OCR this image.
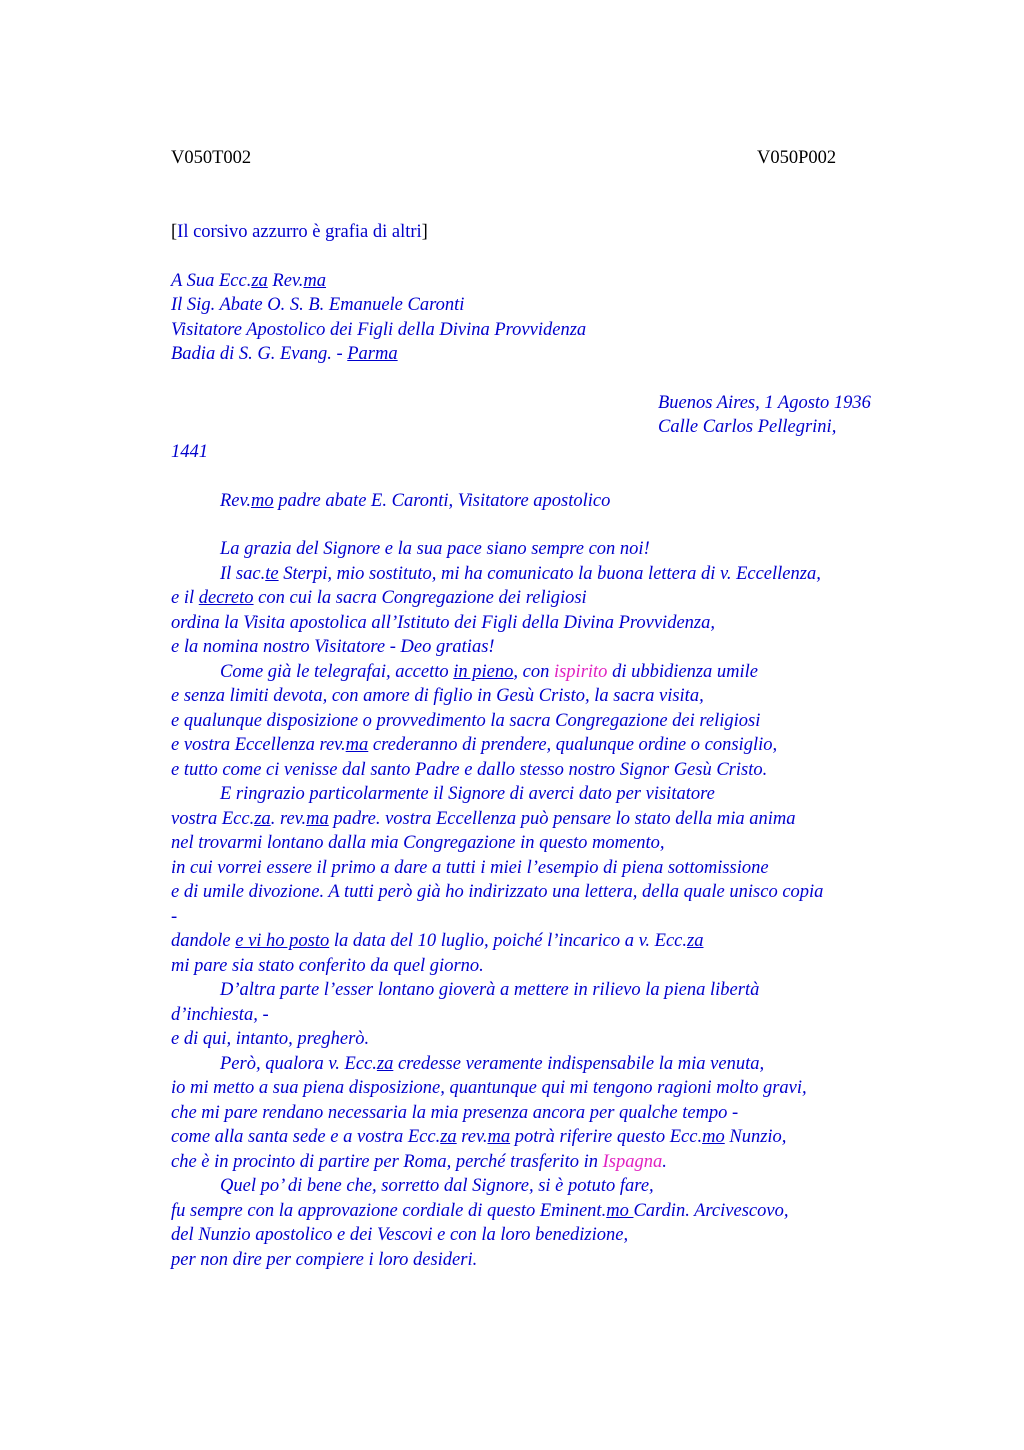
V050T002	V050P002
[Il corsivo azzurro è grafia di altri]
A Sua Ecc.za Rev.ma
Il Sig. Abate O. S. B. Emanuele Caronti
Visitatore Apostolico dei Figli della Divina Provvidenza
Badia di S. G. Evang. - Parma
Buenos Aires, 1 Agosto 1936
Calle Carlos Pellegrini,
1441
Rev.mo padre abate E. Caronti, Visitatore apostolico
La grazia del Signore e la sua pace siano sempre con noi!
Il sac.te Sterpi, mio sostituto, mi ha comunicato la buona lettera di v. Eccellenza,
e il decreto con cui la sacra Congregazione dei religiosi
ordina la Visita apostolica all’Istituto dei Figli della Divina Provvidenza,
e la nomina nostro Visitatore - Deo gratias!
Come già le telegrafai, accetto in pieno, con ispirito di ubbidienza umile
e senza limiti devota, con amore di figlio in Gesù Cristo, la sacra visita,
e qualunque disposizione o provvedimento la sacra Congregazione dei religiosi
e vostra Eccellenza rev.ma crederanno di prendere, qualunque ordine o consiglio,
e tutto come ci venisse dal santo Padre e dallo stesso nostro Signor Gesù Cristo.
E ringrazio particolarmente il Signore di averci dato per visitatore
vostra Ecc.za. rev.ma padre. vostra Eccellenza può pensare lo stato della mia anima
nel trovarmi lontano dalla mia Congregazione in questo momento,
in cui vorrei essere il primo a dare a tutti i miei l’esempio di piena sottomissione
e di umile divozione. A tutti però già ho indirizzato una lettera, della quale unisco copia
-
dandole e vi ho posto la data del 10 luglio, poiché l’incarico a v. Ecc.za
mi pare sia stato conferito da quel giorno.
D’altra parte l’esser lontano gioverà a mettere in rilievo la piena libertà
d’inchiesta, -
e di qui, intanto, pregherò.
Però, qualora v. Ecc.za credesse veramente indispensabile la mia venuta,
io mi metto a sua piena disposizione, quantunque qui mi tengono ragioni molto gravi,
che mi pare rendano necessaria la mia presenza ancora per qualche tempo -
come alla santa sede e a vostra Ecc.za rev.ma potrà riferire questo Ecc.mo Nunzio,
che è in procinto di partire per Roma, perché trasferito in Ispagna.
Quel po’ di bene che, sorretto dal Signore, si è potuto fare,
fu sempre con la approvazione cordiale di questo Eminent.mo Cardin. Arcivescovo,
del Nunzio apostolico e dei Vescovi e con la loro benedizione,
per non dire per compiere i loro desideri.
